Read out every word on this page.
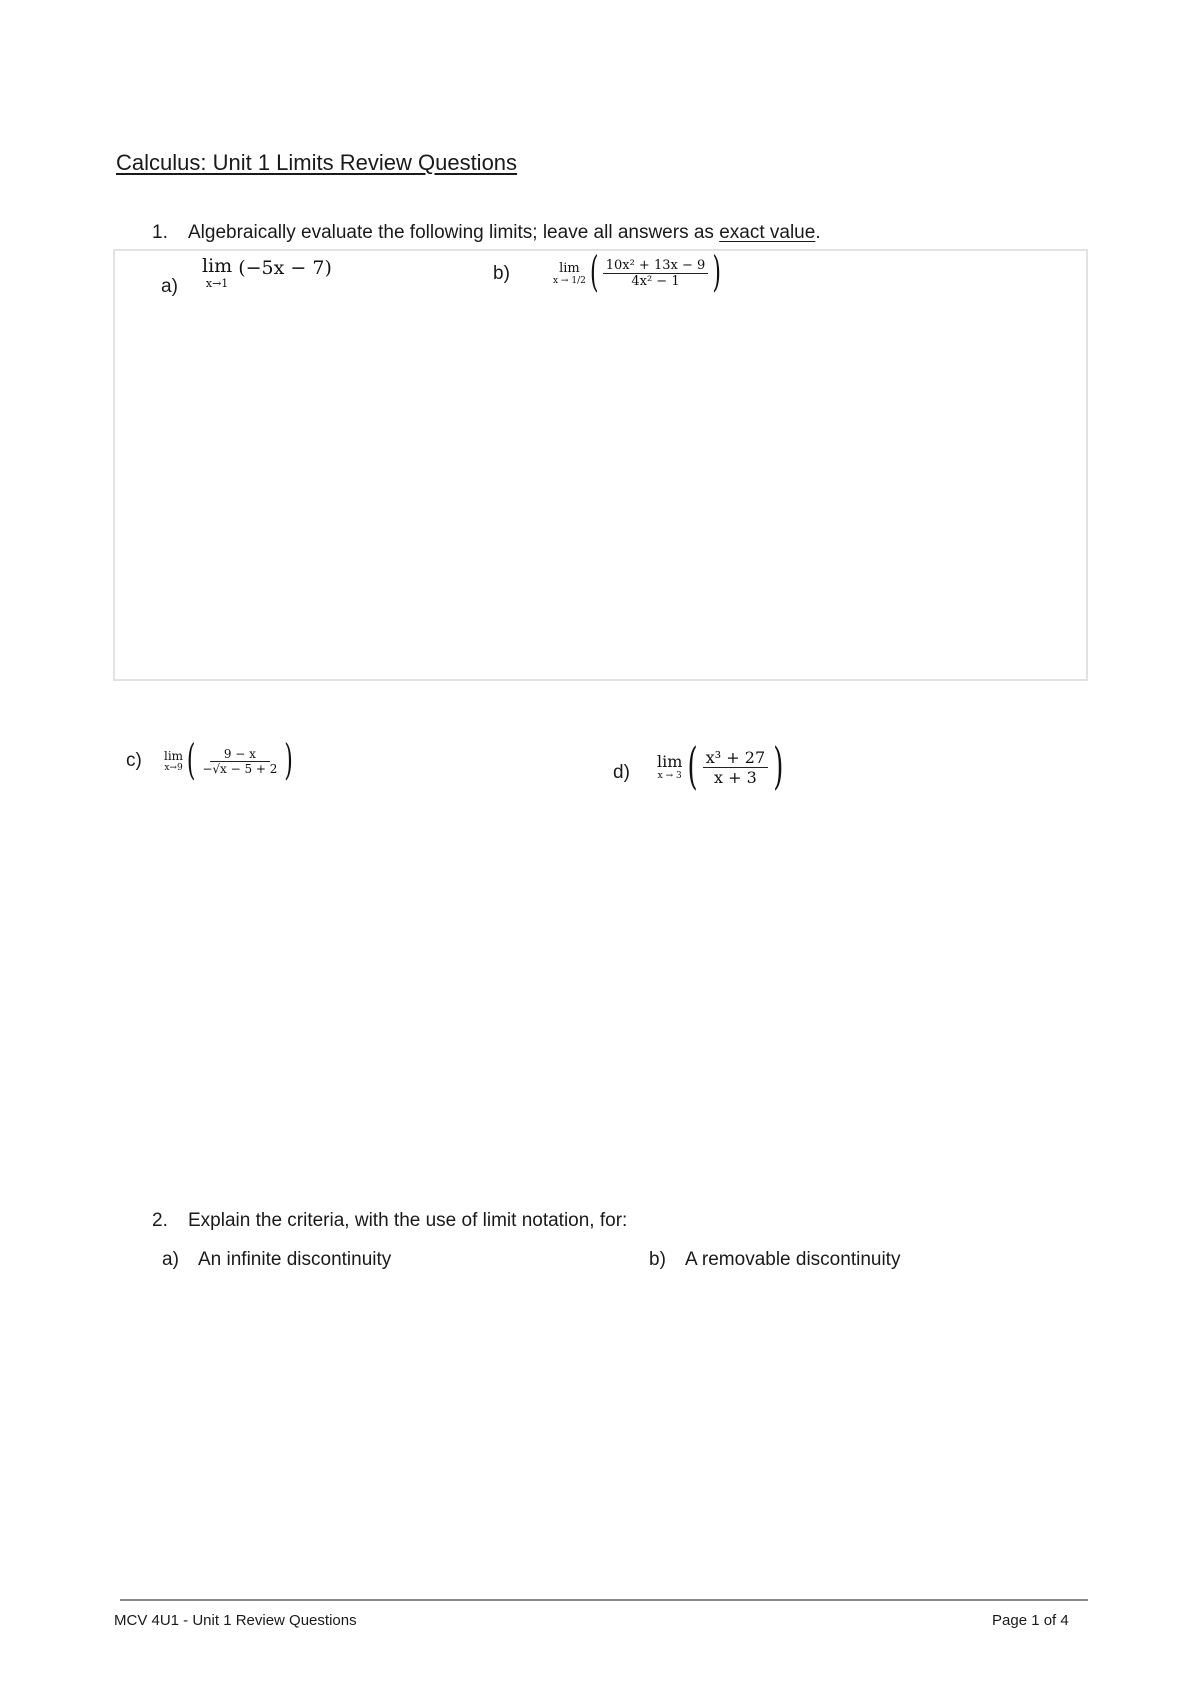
Calculus: Unit 1 Limits Review Questions
1. Algebraically evaluate the following limits; leave all answers as exact value.
a)
lim
x→1
(−5x − 7)	b)	lim
x → 1/2 ( $\frac{\text{10x² + 13x − 9}}{\text{4x² − 1}}$ )
c) lim
x→9 ( $\frac{9 - x}{-√x - 5 + 2}$ )	d)
lim
x → 3 ( $\frac{\text{x³ + 27}}{x + 3}$ )
2. Explain the criteria, with the use of limit notation, for:
a) An infinite discontinuity	b) A removable discontinuity
MCV 4U1 - Unit 1 Review Questions	Page 1 of 4
